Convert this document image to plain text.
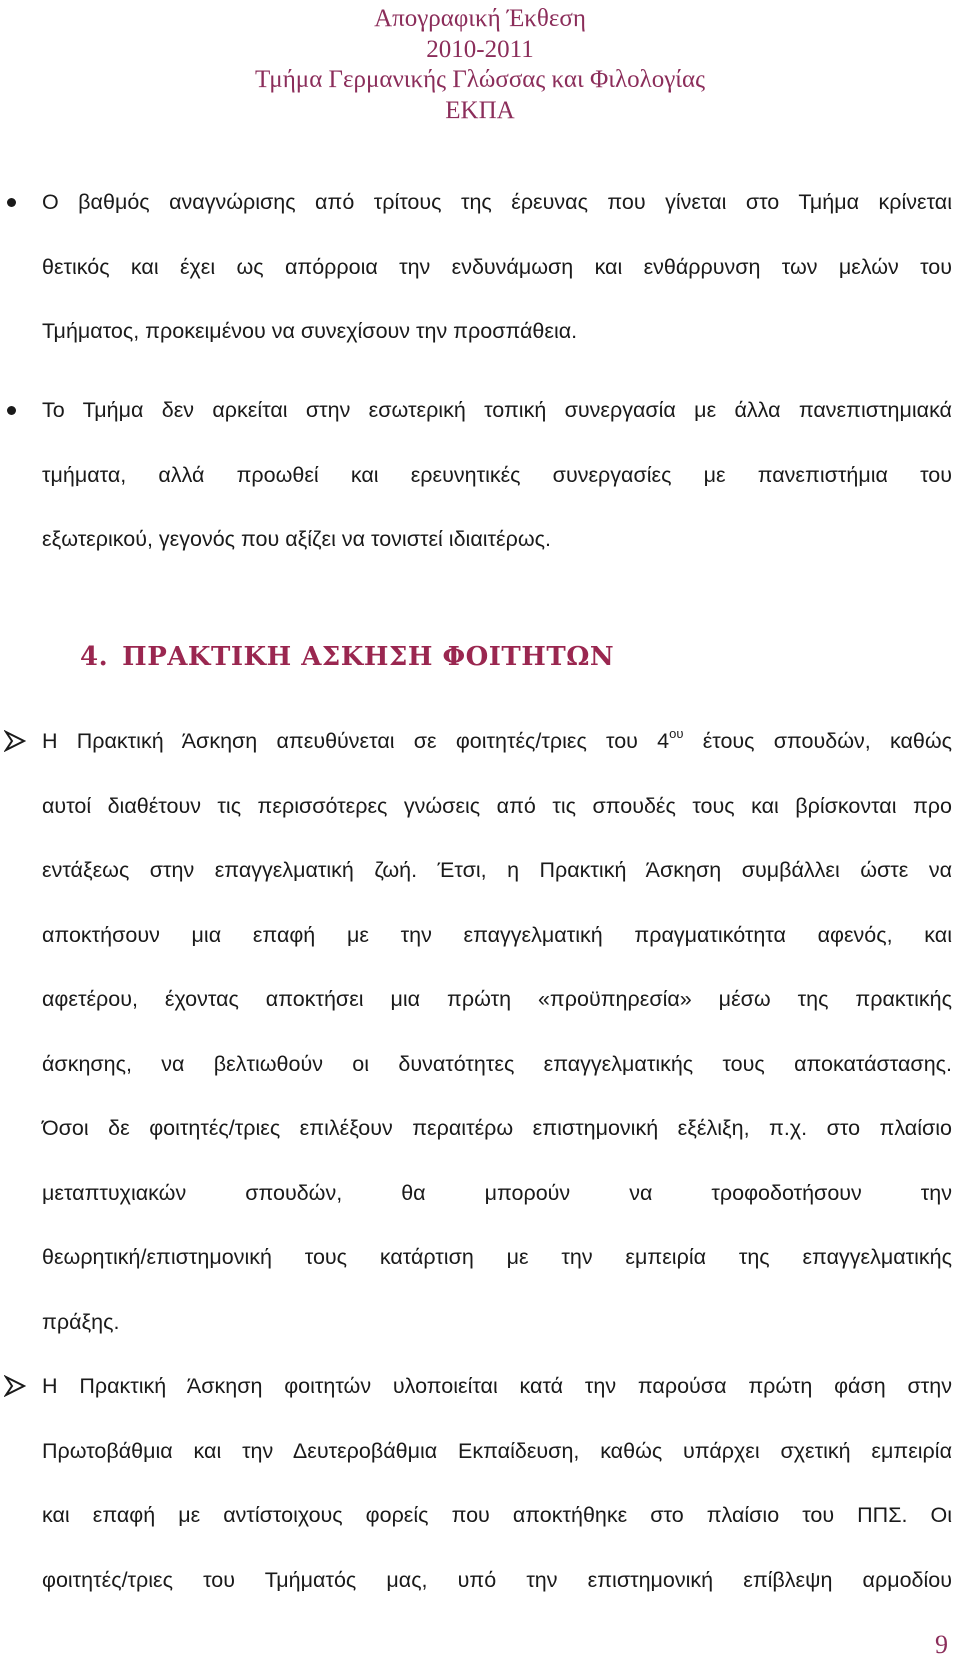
Απογραφική Έκθεση
2010-2011
Τμήμα Γερμανικής Γλώσσας και Φιλολογίας
ΕΚΠΑ
Ο βαθμός αναγνώρισης από τρίτους της έρευνας που γίνεται στο Τμήμα κρίνεται
θετικός και έχει ως απόρροια την ενδυνάμωση και ενθάρρυνση των μελών του
Τμήματος, προκειμένου να συνεχίσουν την προσπάθεια.
Το Τμήμα δεν αρκείται στην εσωτερική τοπική συνεργασία με άλλα πανεπιστημιακά
τμήματα, αλλά προωθεί και ερευνητικές συνεργασίες με πανεπιστήμια του
εξωτερικού, γεγονός που αξίζει να τονιστεί ιδιαιτέρως.
4. ΠΡΑΚΤΙΚΗ ΑΣΚΗΣΗ ΦΟΙΤΗΤΩΝ
Η Πρακτική Άσκηση απευθύνεται σε φοιτητές/τριες του $4^{o\upsilon}$ έτους σπουδών, καθώς
αυτοί διαθέτουν τις περισσότερες γνώσεις από τις σπουδές τους και βρίσκονται προ
εντάξεως στην επαγγελματική ζωή. Έτσι, η Πρακτική Άσκηση συμβάλλει ώστε να
αποκτήσουν μια επαφή με την επαγγελματική πραγματικότητα αφενός, και
αφετέρου, έχοντας αποκτήσει μια πρώτη «προϋπηρεσία» μέσω της πρακτικής
άσκησης, να βελτιωθούν οι δυνατότητες επαγγελματικής τους αποκατάστασης.
Όσοι δε φοιτητές/τριες επιλέξουν περαιτέρω επιστημονική εξέλιξη, π.χ. στο πλαίσιο
μεταπτυχιακών σπουδών, θα μπορούν να τροφοδοτήσουν την
θεωρητική/επιστημονική τους κατάρτιση με την εμπειρία της επαγγελματικής
πράξης.
Η Πρακτική Άσκηση φοιτητών υλοποιείται κατά την παρούσα πρώτη φάση στην
Πρωτοβάθμια και την Δευτεροβάθμια Εκπαίδευση, καθώς υπάρχει σχετική εμπειρία
και επαφή με αντίστοιχους φορείς που αποκτήθηκε στο πλαίσιο του ΠΠΣ. Οι
φοιτητές/τριες του Τμήματός μας, υπό την επιστημονική επίβλεψη αρμοδίου
9
